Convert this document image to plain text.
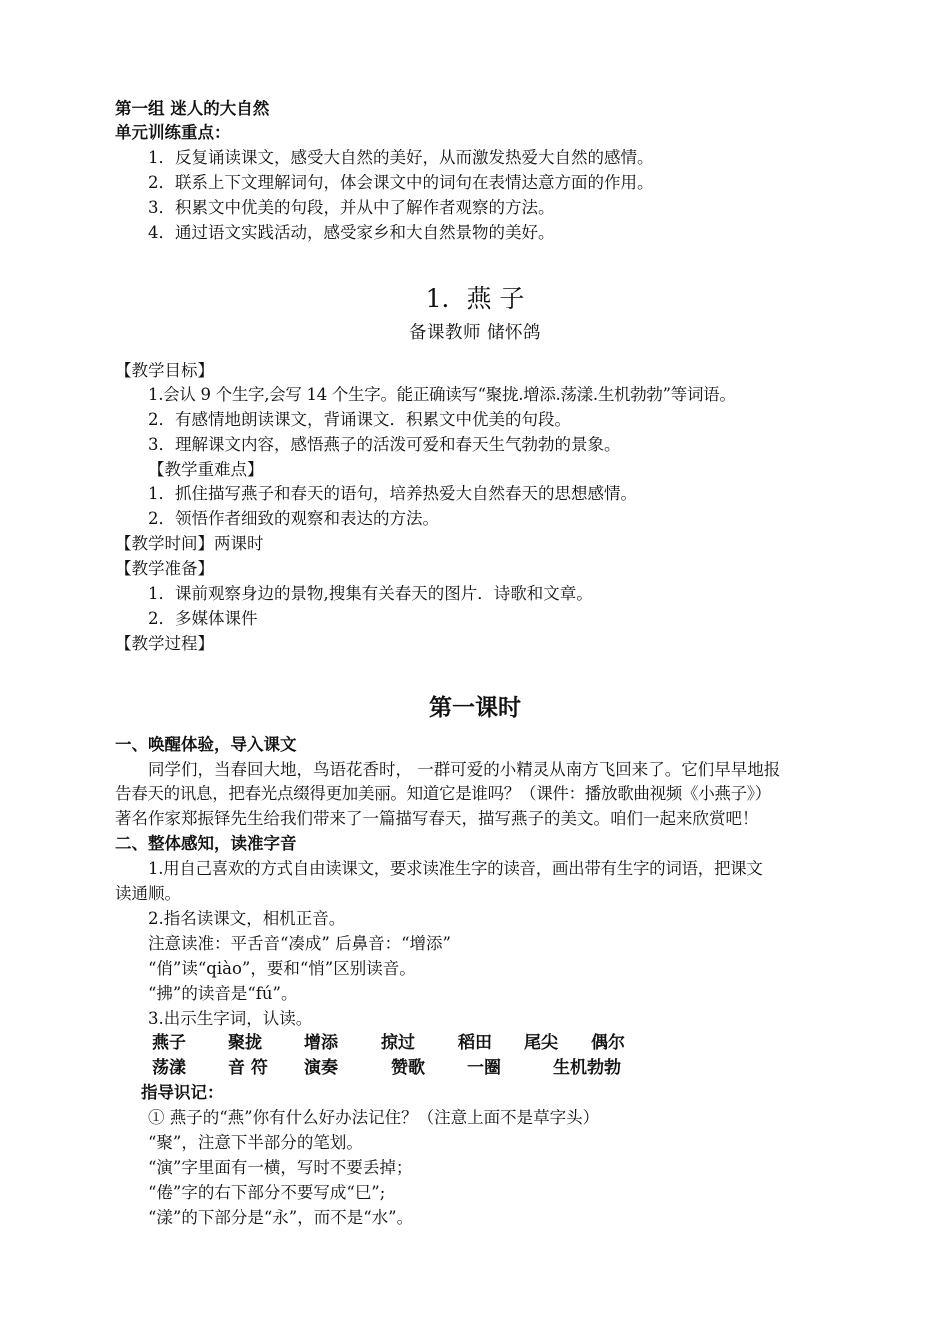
第一组 迷人的大自然
单元训练重点：
1．反复诵读课文，感受大自然的美好，从而激发热爱大自然的感情。
2．联系上下文理解词句，体会课文中的词句在表情达意方面的作用。
3．积累文中优美的句段，并从中了解作者观察的方法。
4．通过语文实践活动，感受家乡和大自然景物的美好。
1．燕 子
备课教师 储怀鸽
【教学目标】
1.会认 9 个生字,会写 14 个生字。能正确读写“聚拢.增添.荡漾.生机勃勃”等词语。
2．有感情地朗读课文，背诵课文．积累文中优美的句段。
3．理解课文内容，感悟燕子的活泼可爱和春天生气勃勃的景象。
【教学重难点】
1．抓住描写燕子和春天的语句，培养热爱大自然春天的思想感情。
2．领悟作者细致的观察和表达的方法。
【教学时间】两课时
【教学准备】
1．课前观察身边的景物,搜集有关春天的图片．诗歌和文章。
2．多媒体课件
【教学过程】
第一课时
一、唤醒体验，导入课文
同学们，当春回大地，鸟语花香时， 一群可爱的小精灵从南方飞回来了。它们早早地报
告春天的讯息，把春光点缀得更加美丽。知道它是谁吗？（课件：播放歌曲视频《小燕子》）
著名作家郑振铎先生给我们带来了一篇描写春天，描写燕子的美文。咱们一起来欣赏吧！
二、整体感知，读准字音
1.用自己喜欢的方式自由读课文，要求读准生字的读音，画出带有生字的词语，把课文
读通顺。
2.指名读课文，相机正音。
注意读准：平舌音“凑成” 后鼻音：“增添”
“俏”读“qiào”，要和“悄”区别读音。
“拂”的读音是“fú”。
3.出示生字词，认读。
燕子 聚拢 增添	掠过	稻田 尾尖 偶尔
荡漾 音 符 演奏	赞歌 一圈	生机勃勃
指导识记：
① 燕子的“燕”你有什么好办法记住？（注意上面不是草字头）
“聚”，注意下半部分的笔划。
“演”字里面有一横，写时不要丢掉；
“倦”字的右下部分不要写成“巳”;
“漾”的下部分是“永”，而不是“水”。
